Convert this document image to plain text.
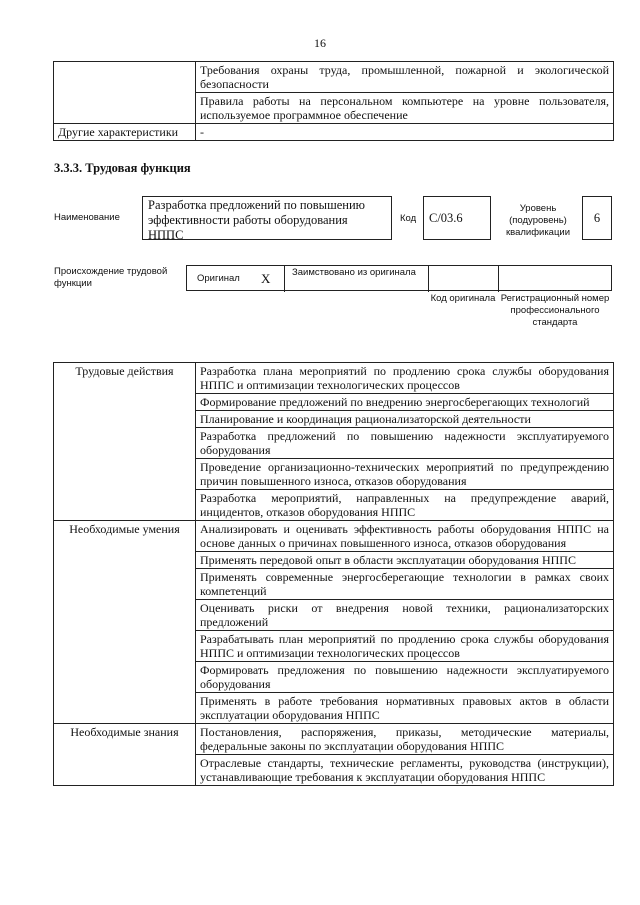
16
	Требования охраны труда, промышленной, пожарной и экологической безопасности
	Правила работы на персональном компьютере на уровне пользователя, используемое программное обеспечение
Другие характеристики	-
3.3.3. Трудовая функция
Наименование
Разработка предложений по повышению эффективности работы оборудования НППС
Код	С/03.6
Уровень (подуровень) квалификации
6
Происхождение трудовой функции	Оригинал X Заимствовано из оригинала
Код оригинала Регистрационный номер профессионального стандарта
Трудовые действия	Разработка плана мероприятий по продлению срока службы оборудования НППС и оптимизации технологических процессов
	Формирование предложений по внедрению энергосберегающих технологий
	Планирование и координация рационализаторской деятельности
	Разработка предложений по повышению надежности эксплуатируемого оборудования
	Проведение организационно-технических мероприятий по предупреждению причин повышенного износа, отказов оборудования
	Разработка мероприятий, направленных на предупреждение аварий, инцидентов, отказов оборудования НППС
Необходимые умения	Анализировать и оценивать эффективность работы оборудования НППС на основе данных о причинах повышенного износа, отказов оборудования
	Применять передовой опыт в области эксплуатации оборудования НППС
	Применять современные энергосберегающие технологии в рамках своих компетенций
	Оценивать риски от внедрения новой техники, рационализаторских предложений
	Разрабатывать план мероприятий по продлению срока службы оборудования НППС и оптимизации технологических процессов
	Формировать предложения по повышению надежности эксплуатируемого оборудования
	Применять в работе требования нормативных правовых актов в области эксплуатации оборудования НППС
Необходимые знания	Постановления, распоряжения, приказы, методические материалы, федеральные законы по эксплуатации оборудования НППС
	Отраслевые стандарты, технические регламенты, руководства (инструкции), устанавливающие требования к эксплуатации оборудования НППС
